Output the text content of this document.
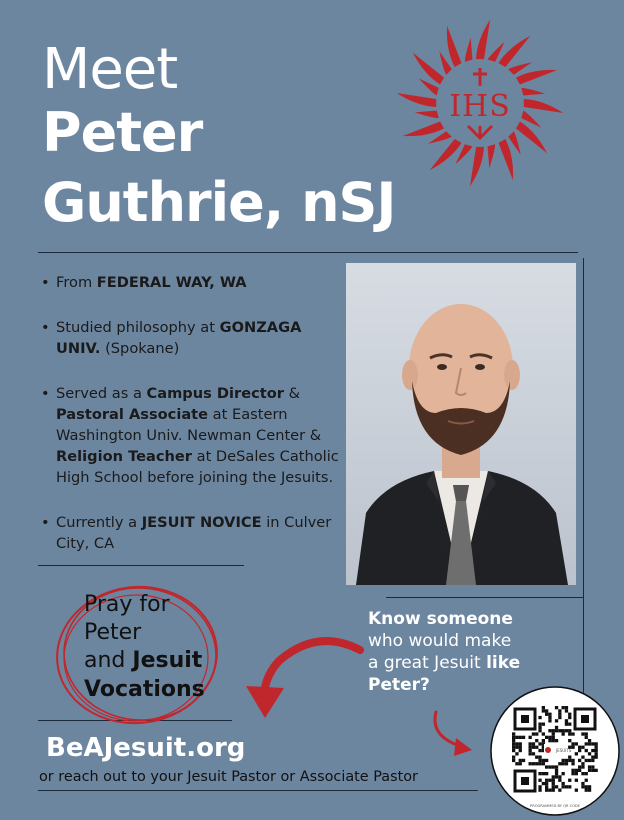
Meet
Peter
Guthrie, nSJ
IHS
• From FEDERAL WAY, WA
• Studied philosophy at GONZAGA UNIV. (Spokane)
• Served as a Campus Director & Pastoral Associate at Eastern Washington Univ. Newman Center & Religion Teacher at DeSales Catholic High School before joining the Jesuits.
• Currently a JESUIT NOVICE in Culver City, CA
Pray for
Peter
and Jesuit
Vocations
Know someone
who would make
a great Jesuit like
Peter?
BeAJesuit.org
or reach out to your Jesuit Pastor or Associate Pastor
JESUITS
PROGRAMMED BY QR CODE
